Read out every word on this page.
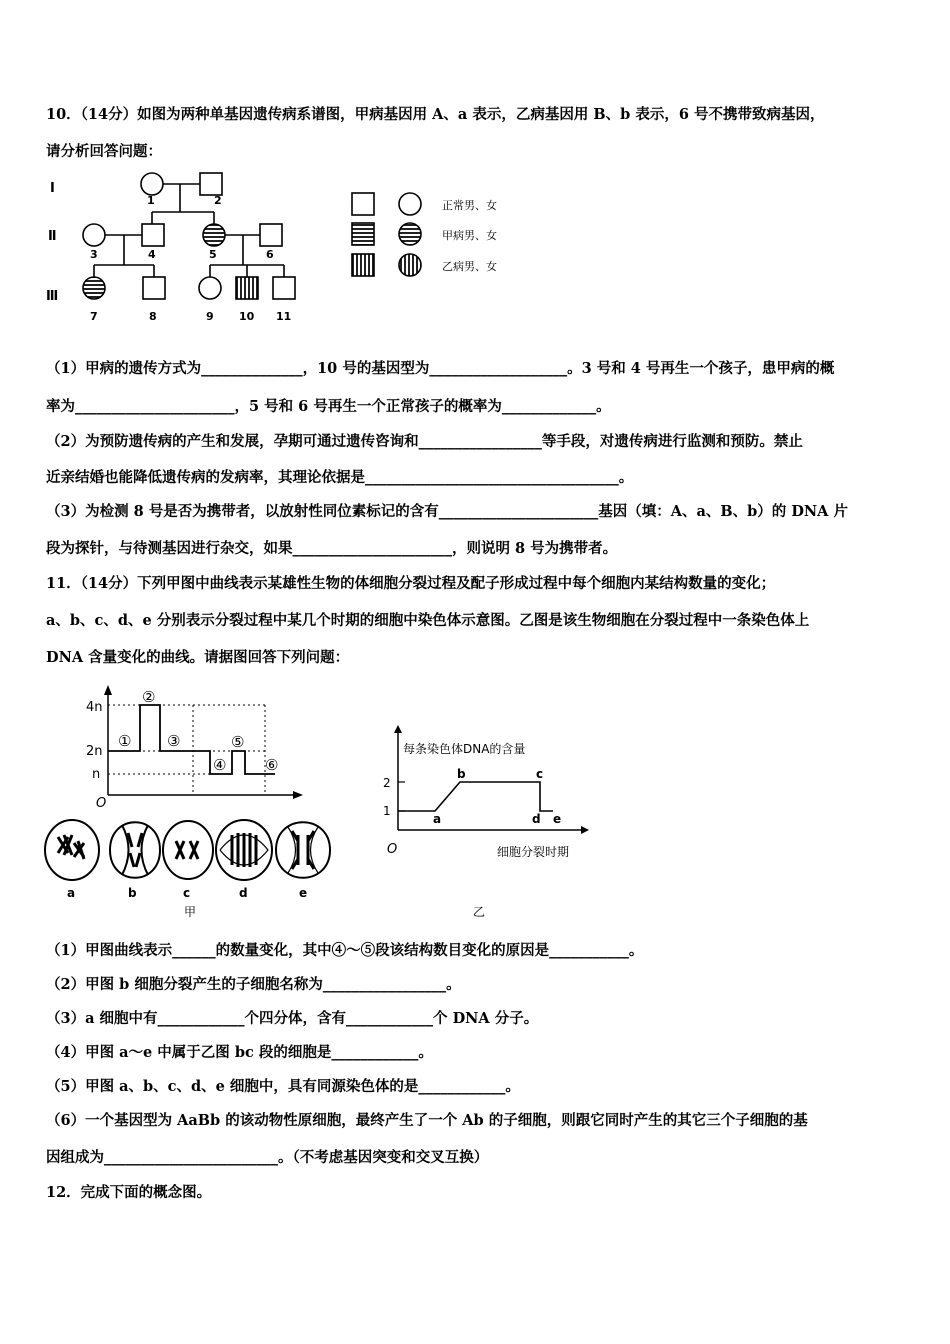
10．（14分）如图为两种单基因遗传病系谱图，甲病基因用 A、a 表示，乙病基因用 B、b 表示，6 号不携带致病基因，
请分析回答问题：
Ⅰ
Ⅱ
Ⅲ
1	2
3	4	5	6
7	8	9 10 11
正常男、女
甲病男、女
乙病男、女
（1）甲病的遗传方式为______________，10 号的基因型为___________________。3 号和 4 号再生一个孩子，患甲病的概
率为______________________，5 号和 6 号再生一个正常孩子的概率为_____________。
（2）为预防遗传病的产生和发展，孕期可通过遗传咨询和_________________等手段，对遗传病进行监测和预防。禁止
近亲结婚也能降低遗传病的发病率，其理论依据是___________________________________。
（3）为检测 8 号是否为携带者，以放射性同位素标记的含有______________________基因（填：A、a、B、b）的 DNA 片
段为探针，与待测基因进行杂交，如果______________________，则说明 8 号为携带者。
11．（14分）下列甲图中曲线表示某雄性生物的体细胞分裂过程及配子形成过程中每个细胞内某结构数量的变化；
a、b、c、d、e 分别表示分裂过程中某几个时期的细胞中染色体示意图。乙图是该生物细胞在分裂过程中一条染色体上
DNA 含量变化的曲线。请据图回答下列问题：
O
4n
2n
n
①
②
③
④
⑤
⑥
a	b	c	d	e
甲
每条染色体DNA的含量
2
1
O
a
b	c
d e
细胞分裂时期
乙
（1）甲图曲线表示______的数量变化，其中④～⑤段该结构数目变化的原因是___________。
（2）甲图 b 细胞分裂产生的子细胞名称为_________________。
（3）a 细胞中有____________个四分体，含有____________个 DNA 分子。
（4）甲图 a～e 中属于乙图 bc 段的细胞是____________。
（5）甲图 a、b、c、d、e 细胞中，具有同源染色体的是____________。
（6）一个基因型为 AaBb 的该动物性原细胞，最终产生了一个 Ab 的子细胞，则跟它同时产生的其它三个子细胞的基
因组成为________________________。（不考虑基因突变和交叉互换）
12．完成下面的概念图。
